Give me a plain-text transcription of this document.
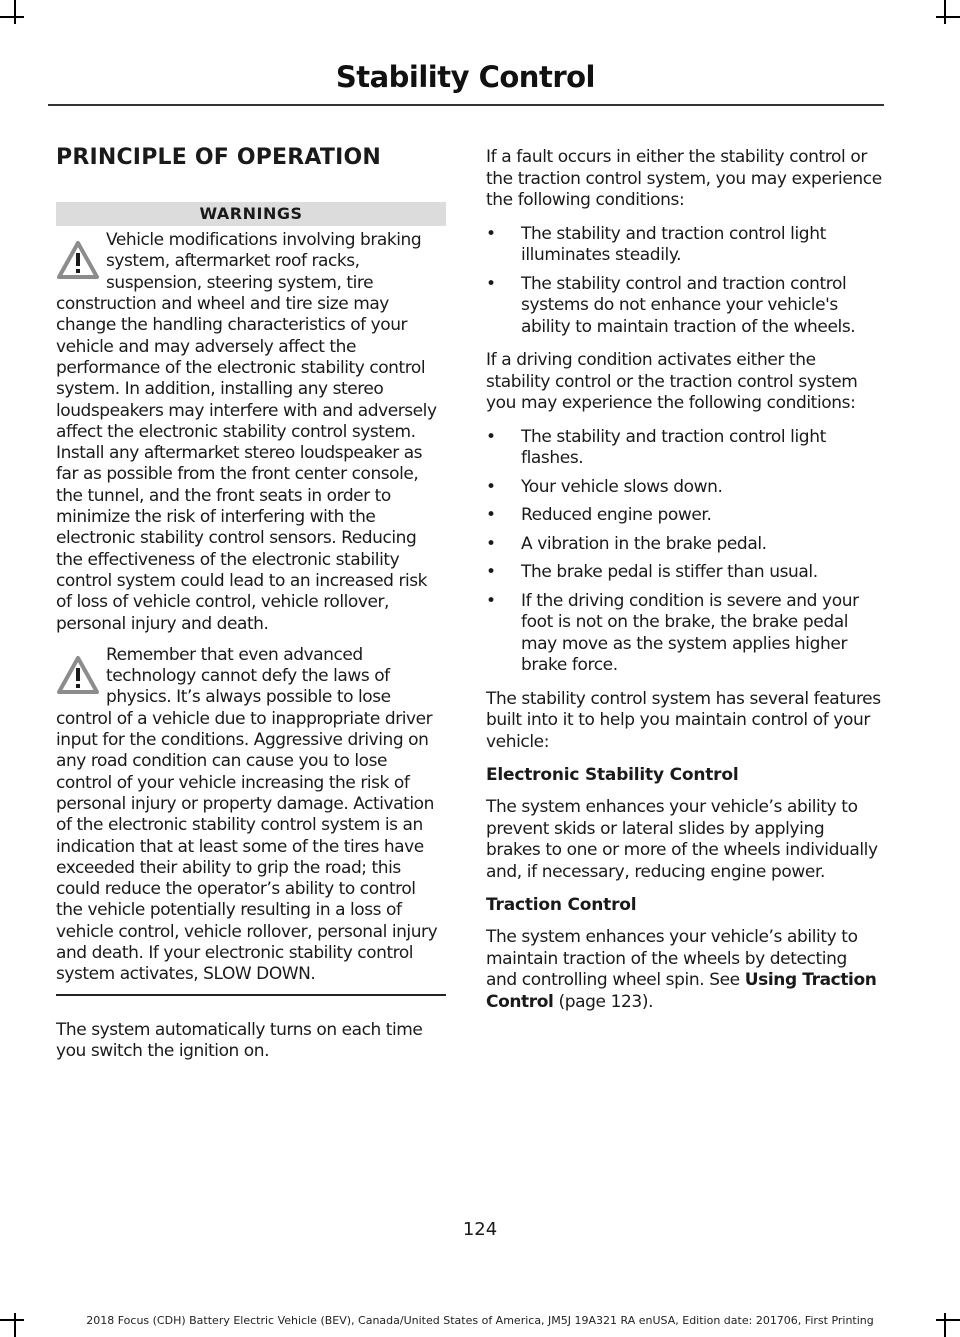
Stability Control
PRINCIPLE OF OPERATION
WARNINGS

Vehicle modifications involving braking system, aftermarket roof racks, suspension, steering system, tire construction and wheel and tire size may change the handling characteristics of your vehicle and may adversely affect the performance of the electronic stability control system. In addition, installing any stereo loudspeakers may interfere with and adversely affect the electronic stability control system. Install any aftermarket stereo loudspeaker as far as possible from the front center console, the tunnel, and the front seats in order to minimize the risk of interfering with the electronic stability control sensors. Reducing the effectiveness of the electronic stability control system could lead to an increased risk of loss of vehicle control, vehicle rollover, personal injury and death.

Remember that even advanced technology cannot defy the laws of physics. It’s always possible to lose control of a vehicle due to inappropriate driver input for the conditions. Aggressive driving on any road condition can cause you to lose control of your vehicle increasing the risk of personal injury or property damage. Activation of the electronic stability control system is an indication that at least some of the tires have exceeded their ability to grip the road; this could reduce the operator’s ability to control the vehicle potentially resulting in a loss of vehicle control, vehicle rollover, personal injury and death. If your electronic stability control system activates, SLOW DOWN.

The system automatically turns on each time you switch the ignition on.

If a fault occurs in either the stability control or the traction control system, you may experience the following conditions:

• The stability and traction control light illuminates steadily.
• The stability control and traction control systems do not enhance your vehicle's ability to maintain traction of the wheels.

If a driving condition activates either the stability control or the traction control system you may experience the following conditions:

• The stability and traction control light flashes.
• Your vehicle slows down.
• Reduced engine power.
• A vibration in the brake pedal.
• The brake pedal is stiffer than usual.
• If the driving condition is severe and your foot is not on the brake, the brake pedal may move as the system applies higher brake force.

The stability control system has several features built into it to help you maintain control of your vehicle:

Electronic Stability Control

The system enhances your vehicle’s ability to prevent skids or lateral slides by applying brakes to one or more of the wheels individually and, if necessary, reducing engine power.

Traction Control

The system enhances your vehicle’s ability to maintain traction of the wheels by detecting and controlling wheel spin. See Using Traction Control (page 123).

124
2018 Focus (CDH) Battery Electric Vehicle (BEV), Canada/United States of America, JM5J 19A321 RA enUSA, Edition date: 201706, First Printing
